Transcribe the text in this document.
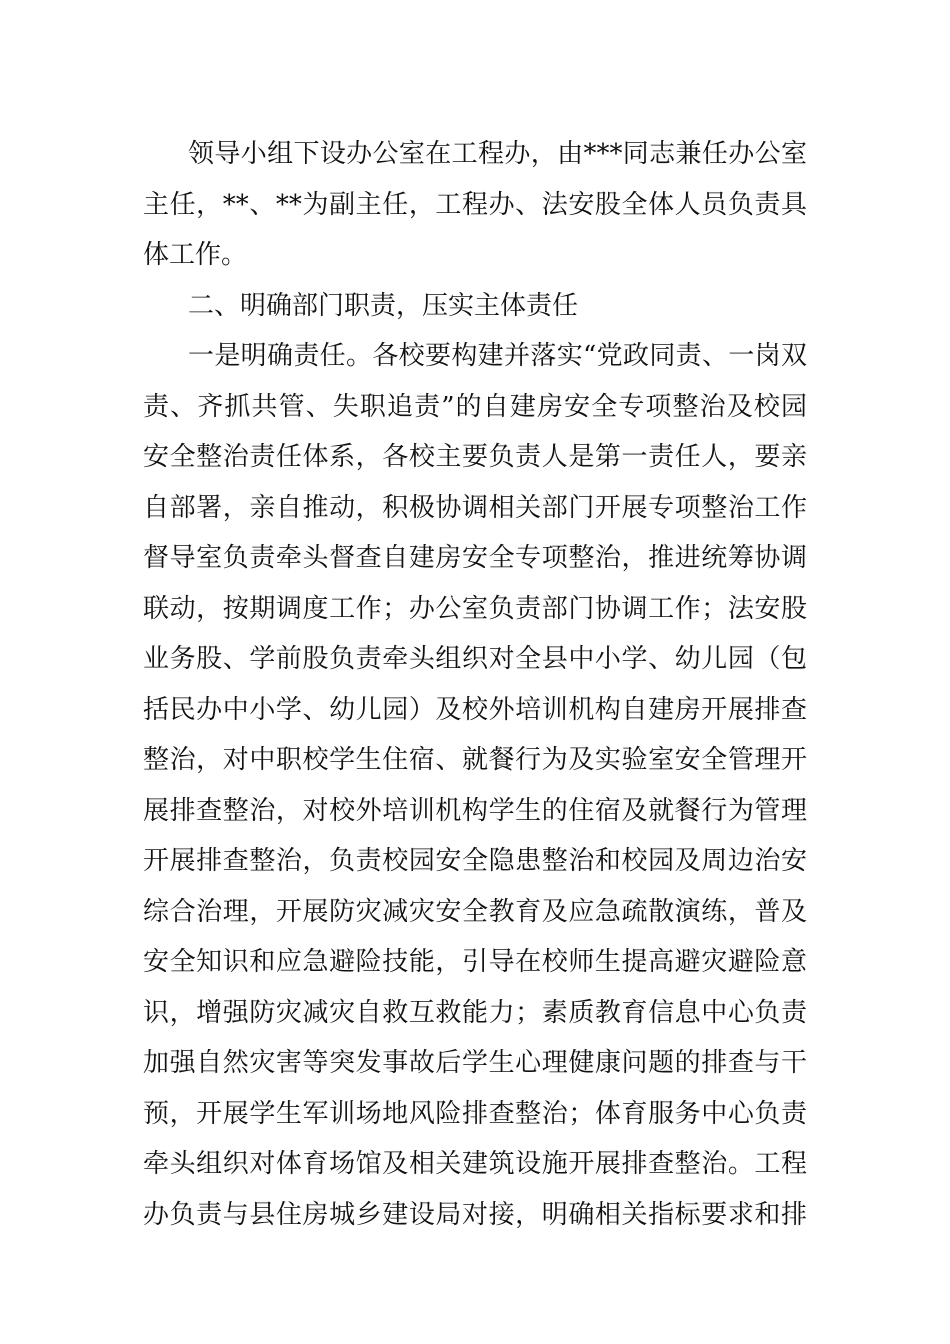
领导小组下设办公室在工程办，由***同志兼任办公室
主任，**、**为副主任，工程办、法安股全体人员负责具
体工作。
二、明确部门职责，压实主体责任
一是明确责任。各校要构建并落实“党政同责、一岗双
责、齐抓共管、失职追责”的自建房安全专项整治及校园
安全整治责任体系，各校主要负责人是第一责任人，要亲
自部署，亲自推动，积极协调相关部门开展专项整治工作
督导室负责牵头督查自建房安全专项整治，推进统筹协调
联动，按期调度工作；办公室负责部门协调工作；法安股
业务股、学前股负责牵头组织对全县中小学、幼儿园（包
括民办中小学、幼儿园）及校外培训机构自建房开展排查
整治，对中职校学生住宿、就餐行为及实验室安全管理开
展排查整治，对校外培训机构学生的住宿及就餐行为管理
开展排查整治，负责校园安全隐患整治和校园及周边治安
综合治理，开展防灾减灾安全教育及应急疏散演练，普及
安全知识和应急避险技能，引导在校师生提高避灾避险意
识，增强防灾减灾自救互救能力；素质教育信息中心负责
加强自然灾害等突发事故后学生心理健康问题的排查与干
预，开展学生军训场地风险排查整治；体育服务中心负责
牵头组织对体育场馆及相关建筑设施开展排查整治。工程
办负责与县住房城乡建设局对接，明确相关指标要求和排
